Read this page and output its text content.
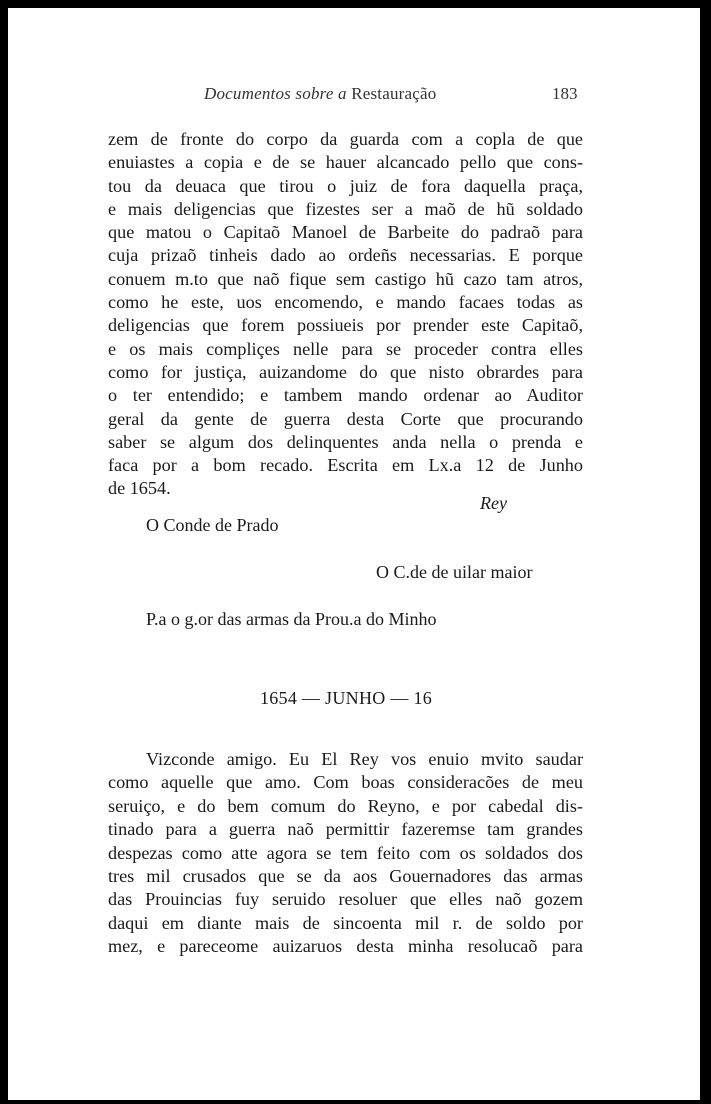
Documentos sobre a Restauração	183
zem de fronte do corpo da guarda com a copla de que
enuiastes a copia e de se hauer alcancado pello que cons-
tou da deuaca que tirou o juiz de fora daquella praça,
e mais deligencias que fizestes ser a maõ de hũ soldado
que matou o Capitaõ Manoel de Barbeite do padraõ para
cuja prizaõ tinheis dado ao ordeñs necessarias. E porque
conuem m.to que naõ fique sem castigo hũ cazo tam atros,
como he este, uos encomendo, e mando facaes todas as
deligencias que forem possiueis por prender este Capitaõ,
e os mais compliçes nelle para se proceder contra elles
como for justiça, auizandome do que nisto obrardes para
o ter entendido; e tambem mando ordenar ao Auditor
geral da gente de guerra desta Corte que procurando
saber se algum dos delinquentes anda nella o prenda e
faca por a bom recado. Escrita em Lx.a 12 de Junho
de 1654.
Rey
O Conde de Prado
O C.de de uilar maior
P.a o g.or das armas da Prou.a do Minho
1654 — JUNHO — 16
Vizconde amigo. Eu El Rey vos enuio mvito saudar
como aquelle que amo. Com boas consideracões de meu
seruiço, e do bem comum do Reyno, e por cabedal dis-
tinado para a guerra naõ permittir fazeremse tam grandes
despezas como atte agora se tem feito com os soldados dos
tres mil crusados que se da aos Gouernadores das armas
das Prouincias fuy seruido resoluer que elles naõ gozem
daqui em diante mais de sincoenta mil r. de soldo por
mez, e pareceome auizaruos desta minha resolucaõ para
